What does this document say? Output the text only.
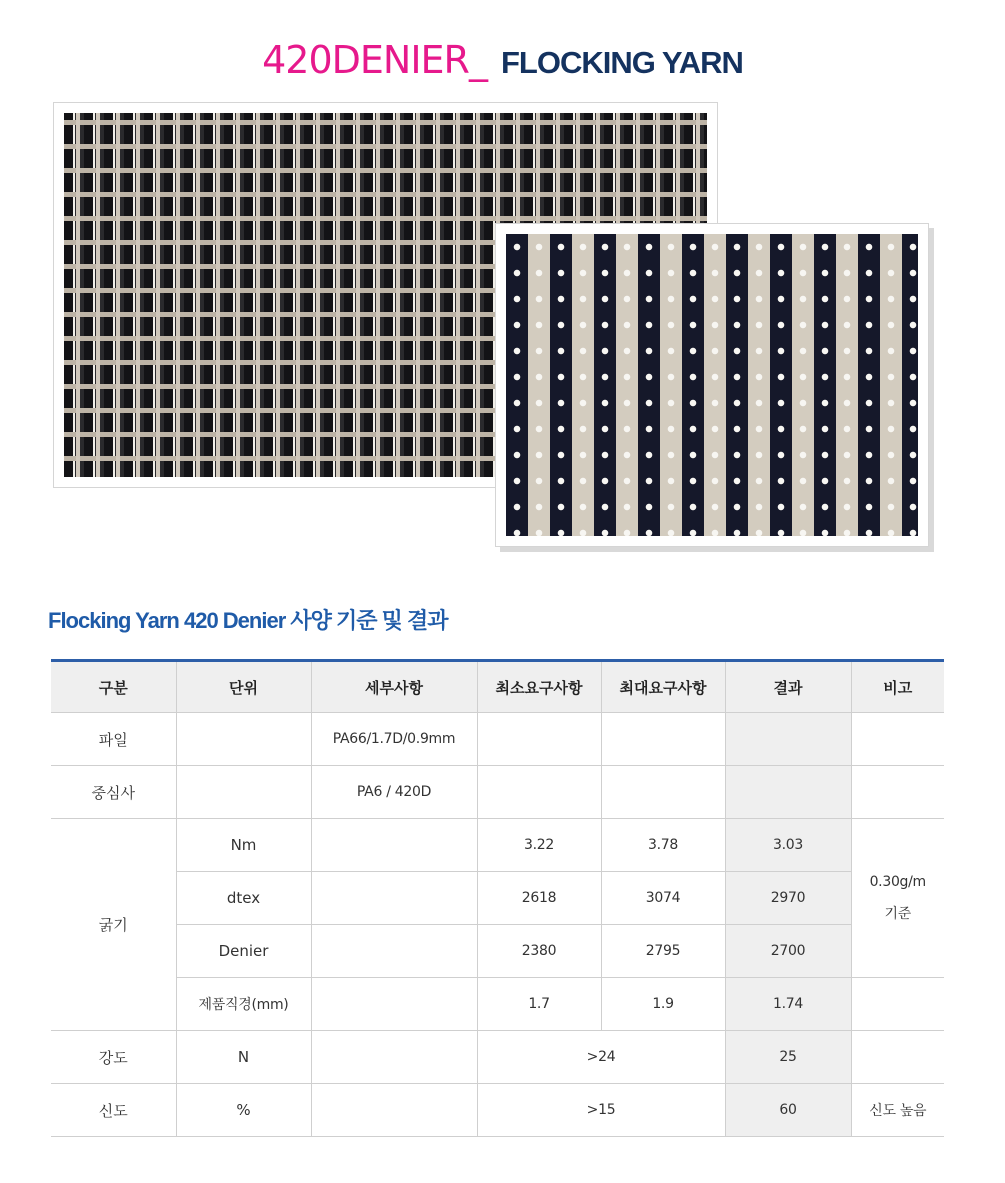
420DENIER_ FLOCKING YARN
Flocking Yarn 420 Denier 사양 기준 및 결과
구분	단위	세부사항	최소요구사항	최대요구사항	결과	비고
파일		PA66/1.7D/0.9mm				
중심사		PA6 / 420D				
굵기	Nm		3.22	3.78	3.03	0.30g/m
기준
	dtex		2618	3074	2970	
	Denier		2380	2795	2700	
	제품직경(mm)		1.7	1.9	1.74	
강도	N		>24		25	
신도	%		>15		60	신도 높음
